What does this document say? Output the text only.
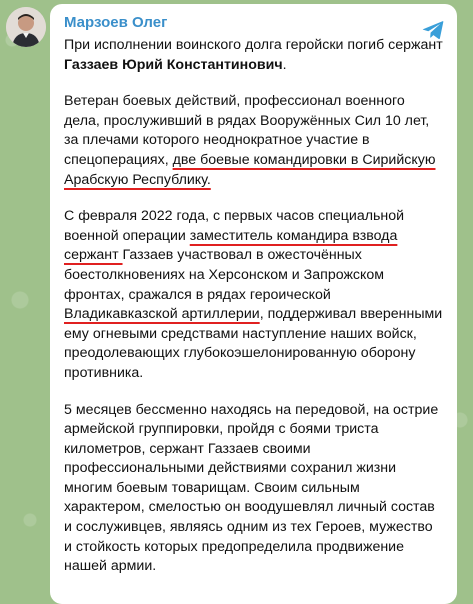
Марзоев Олег

При исполнении воинского долга геройски погиб сержант Газзаев Юрий Константинович.

Ветеран боевых действий, профессионал военного дела, прослуживший в рядах Вооружённых Сил 10 лет, за плечами которого неоднократное участие в спецоперациях, две боевые командировки в Сирийскую Арабскую Республику.

С февраля 2022 года, с первых часов специальной военной операции заместитель командира взвода сержант Газзаев участвовал в ожесточённых боестолкновениях на Херсонском и Запрожском фронтах, сражался в рядах героической Владикавказской артиллерии, поддерживал вверенными ему огневыми средствами наступление наших войск, преодолевающих глубокоэшелонированную оборону противника.

5 месяцев бессменно находясь на передовой, на острие армейской группировки, пройдя с боями триста километров, сержант Газзаев своими профессиональными действиями сохранил жизни многим боевым товарищам. Своим сильным характером, смелостью он воодушевлял личный состав и сослуживцев, являясь одним из тех Героев, мужество и стойкость которых предопределила продвижение нашей армии.
